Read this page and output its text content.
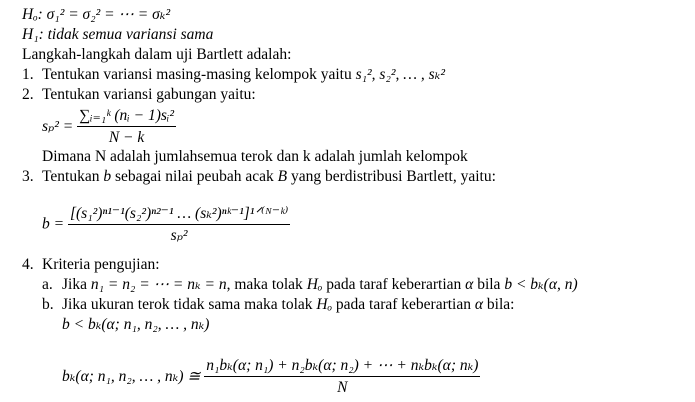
Hₒ: σ₁² = σ₂² = ⋯ = σₖ²
H₁: tidak semua variansi sama
Langkah-langkah dalam uji Bartlett adalah:
1. Tentukan variansi masing-masing kelompok yaitu s₁², s₂², … , sₖ²
2. Tentukan variansi gabungan yaitu:
$s_p^2 = \frac{\text{∑ᵢ₌₁ᵏ (nᵢ − 1)sᵢ²}}{N - k}$
Dimana N adalah jumlahsemua terok dan k adalah jumlah kelompok
3. Tentukan b sebagai nilai peubah acak B yang berdistribusi Bartlett, yaitu:
$b = \frac{\text{[(s₁²)ⁿ¹⁻¹(s₂²)ⁿ²⁻¹ … (sₖ²)ⁿᵏ⁻¹]¹ᐟ⁽ᴺ⁻ᵏ⁾}}{\text{sₚ²}}$
4. Kriteria pengujian:
a. Jika n₁ = n₂ = ⋯ = nₖ = n, maka tolak Hₒ pada taraf keberartian α bila b < bₖ(α, n)
b. Jika ukuran terok tidak sama maka tolak Hₒ pada taraf keberartian α bila:
b < bₖ(α; n₁, n₂, … , nₖ)
bₖ(α; n₁, n₂, … , nₖ) ≅ $\frac{\text{n₁bₖ(α; n₁) + n₂bₖ(α; n₂) + ⋯ + nₖbₖ(α; nₖ)}}{N}$
